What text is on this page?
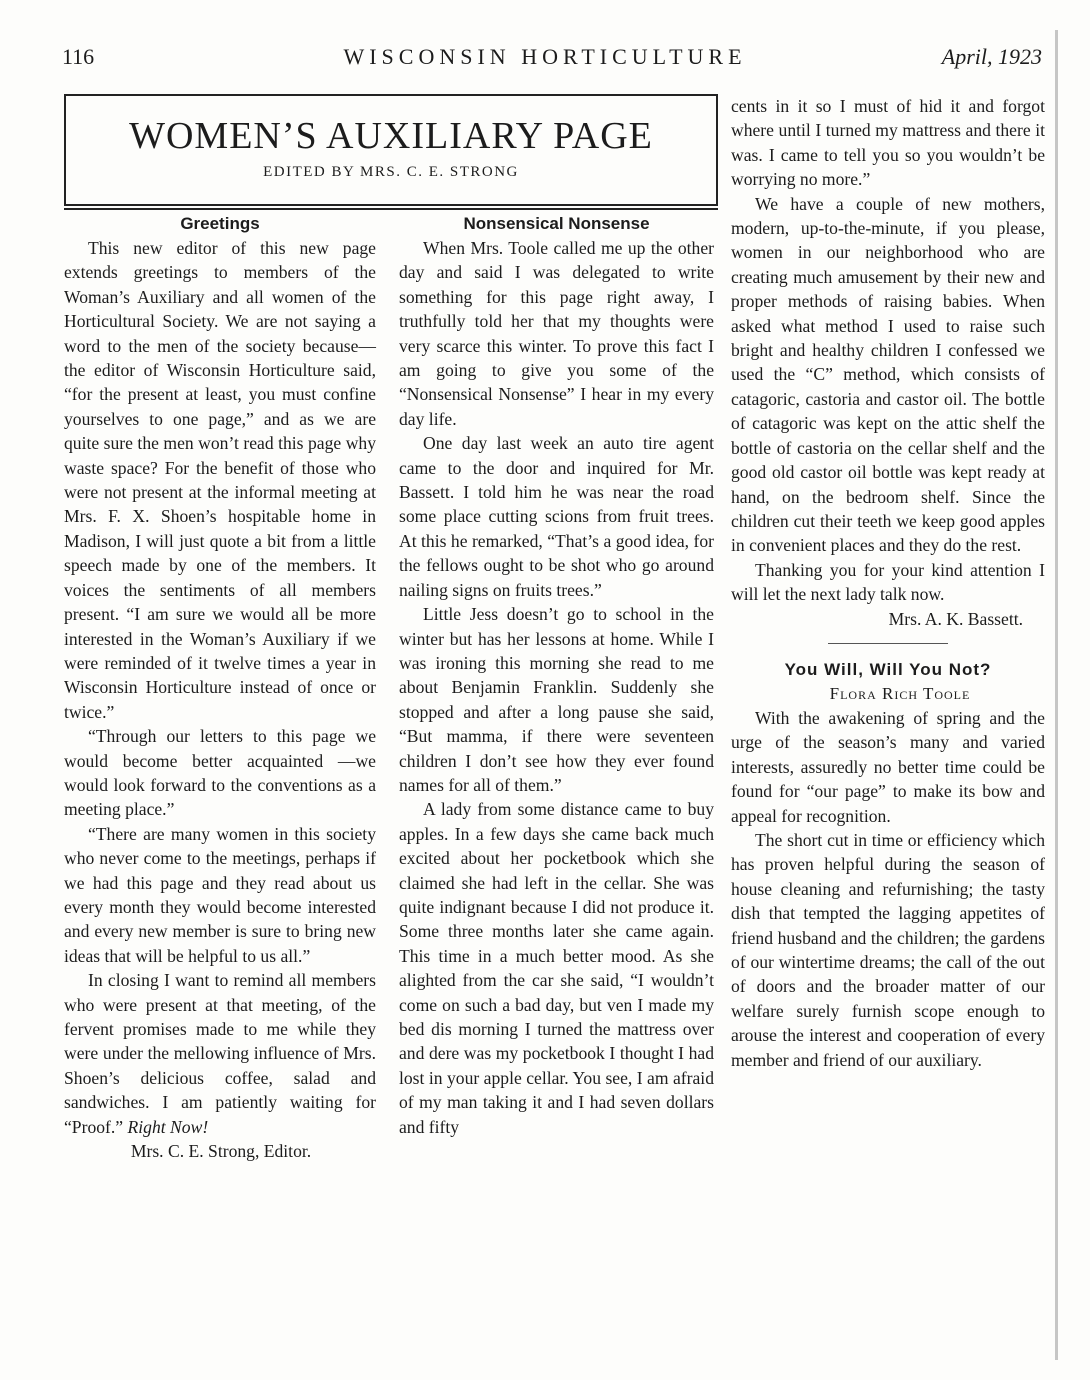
116	WISCONSIN HORTICULTURE	April, 1923
WOMEN’S AUXILIARY PAGE
EDITED BY MRS. C. E. STRONG
Greetings

This new editor of this new page extends greetings to members of the Woman’s Auxiliary and all women of the Horticultural Society. We are not saying a word to the men of the society because—the editor of Wisconsin Horticulture said, “for the present at least, you must confine yourselves to one page,” and as we are quite sure the men won’t read this page why waste space? For the benefit of those who were not present at the informal meeting at Mrs. F. X. Shoen’s hospitable home in Madison, I will just quote a bit from a little speech made by one of the members. It voices the sentiments of all members present. “I am sure we would all be more interested in the Woman’s Auxiliary if we were reminded of it twelve times a year in Wisconsin Horticulture instead of once or twice.”

“Through our letters to this page we would become better acquainted —we would look forward to the conventions as a meeting place.”

“There are many women in this society who never come to the meetings, perhaps if we had this page and they read about us every month they would become interested and every new member is sure to bring new ideas that will be helpful to us all.”

In closing I want to remind all members who were present at that meeting, of the fervent promises made to me while they were under the mellowing influence of Mrs. Shoen’s delicious coffee, salad and sandwiches. I am patiently waiting for “Proof.” Right Now!

Mrs. C. E. Strong, Editor.

Nonsensical Nonsense

When Mrs. Toole called me up the other day and said I was delegated to write something for this page right away, I truthfully told her that my thoughts were very scarce this winter. To prove this fact I am going to give you some of the “Nonsensical Nonsense” I hear in my every day life.

One day last week an auto tire agent came to the door and inquired for Mr. Bassett. I told him he was near the road some place cutting scions from fruit trees. At this he remarked, “That’s a good idea, for the fellows ought to be shot who go around nailing signs on fruits trees.”

Little Jess doesn’t go to school in the winter but has her lessons at home. While I was ironing this morning she read to me about Benjamin Franklin. Suddenly she stopped and after a long pause she said, “But mamma, if there were seventeen children I don’t see how they ever found names for all of them.”

A lady from some distance came to buy apples. In a few days she came back much excited about her pocketbook which she claimed she had left in the cellar. She was quite indignant because I did not produce it. Some three months later she came again. This time in a much better mood. As she alighted from the car she said, “I wouldn’t come on such a bad day, but ven I made my bed dis morning I turned the mattress over and dere was my pocketbook I thought I had lost in your apple cellar. You see, I am afraid of my man taking it and I had seven dollars and fifty

cents in it so I must of hid it and forgot where until I turned my mattress and there it was. I came to tell you so you wouldn’t be worrying no more.”

We have a couple of new mothers, modern, up-to-the-minute, if you please, women in our neighborhood who are creating much amusement by their new and proper methods of raising babies. When asked what method I used to raise such bright and healthy children I confessed we used the “C” method, which consists of catagoric, castoria and castor oil. The bottle of catagoric was kept on the attic shelf the bottle of castoria on the cellar shelf and the good old castor oil bottle was kept ready at hand, on the bedroom shelf. Since the children cut their teeth we keep good apples in convenient places and they do the rest.

Thanking you for your kind attention I will let the next lady talk now.

Mrs. A. K. Bassett.

You Will, Will You Not?

Flora Rich Toole

With the awakening of spring and the urge of the season’s many and varied interests, assuredly no better time could be found for “our page” to make its bow and appeal for recognition.

The short cut in time or efficiency which has proven helpful during the season of house cleaning and refurnishing; the tasty dish that tempted the lagging appetites of friend husband and the children; the gardens of our wintertime dreams; the call of the out of doors and the broader matter of our welfare surely furnish scope enough to arouse the interest and cooperation of every member and friend of our auxiliary.
